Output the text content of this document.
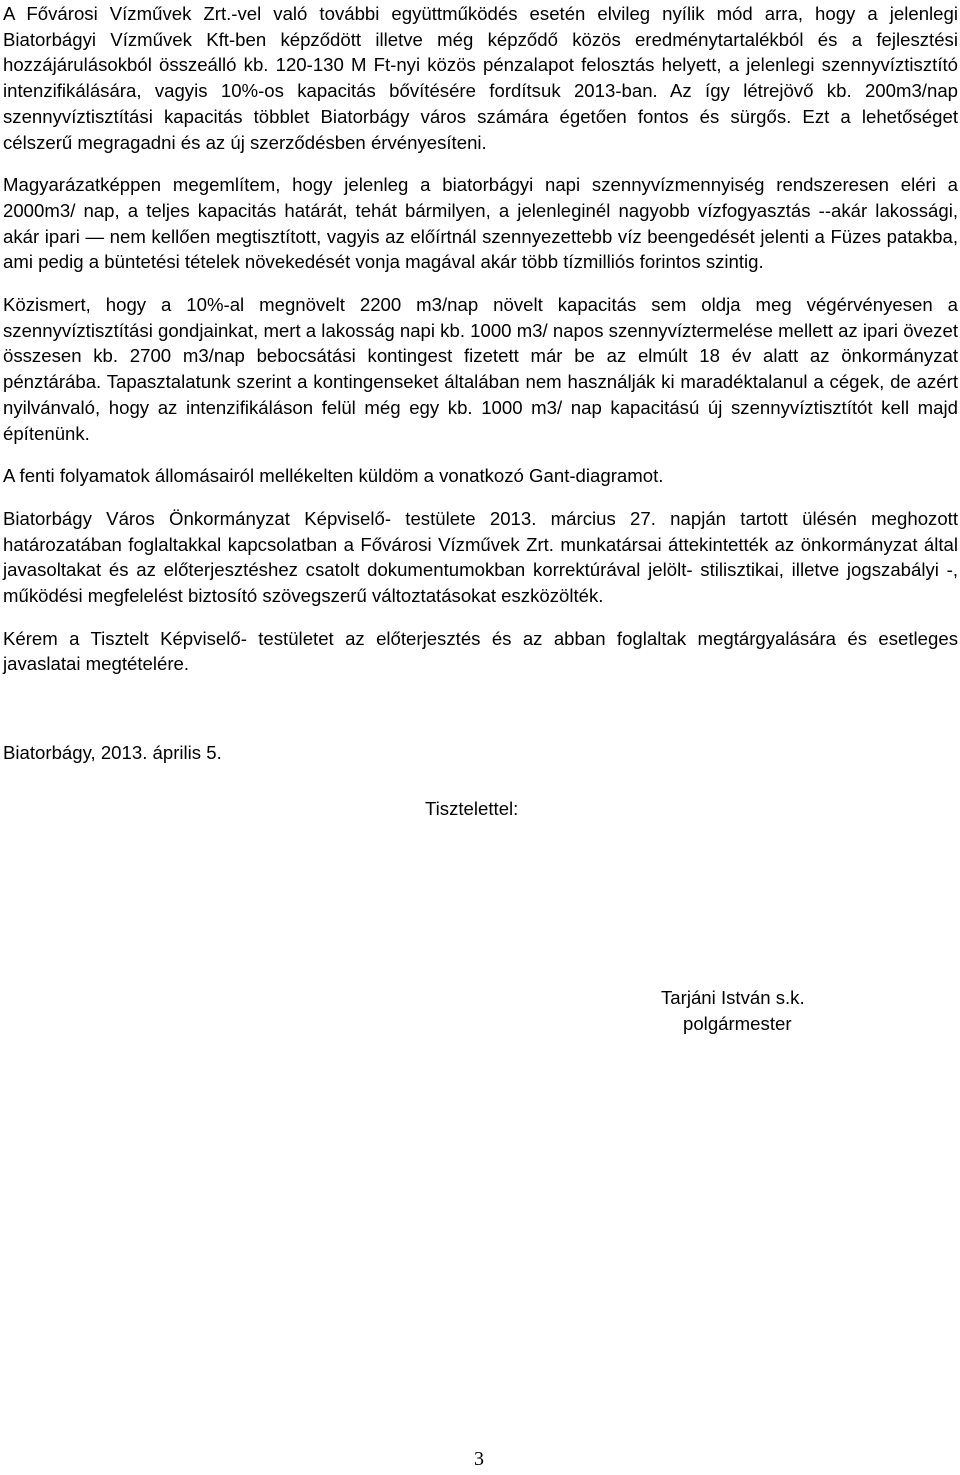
A Fővárosi Vízművek Zrt.-vel való további együttműködés esetén elvileg nyílik mód arra, hogy a jelenlegi Biatorbágyi Vízművek Kft-ben képződött illetve még képződő közös eredménytartalékból és a fejlesztési hozzájárulásokból összeálló kb. 120-130 M Ft-nyi közös pénzalapot felosztás helyett, a jelenlegi szennyvíztisztító intenzifikálására, vagyis 10%-os kapacitás bővítésére fordítsuk 2013-ban. Az így létrejövő kb. 200m3/nap szennyvíztisztítási kapacitás többlet Biatorbágy város számára égetően fontos és sürgős. Ezt a lehetőséget célszerű megragadni és az új szerződésben érvényesíteni.

Magyarázatképpen megemlítem, hogy jelenleg a biatorbágyi napi szennyvízmennyiség rendszeresen eléri a 2000m3/ nap, a teljes kapacitás határát, tehát bármilyen, a jelenleginél nagyobb vízfogyasztás --akár lakossági, akár ipari — nem kellően megtisztított, vagyis az előírtnál szennyezettebb víz beengedését jelenti a Füzes patakba, ami pedig a büntetési tételek növekedését vonja magával akár több tízmilliós forintos szintig.

Közismert, hogy a 10%-al megnövelt 2200 m3/nap növelt kapacitás sem oldja meg végérvényesen a szennyvíztisztítási gondjainkat, mert a lakosság napi kb. 1000 m3/ napos szennyvíztermelése mellett az ipari övezet összesen kb. 2700 m3/nap bebocsátási kontingest fizetett már be az elmúlt 18 év alatt az önkormányzat pénztárába. Tapasztalatunk szerint a kontingenseket általában nem használják ki maradéktalanul a cégek, de azért nyilvánvaló, hogy az intenzifikáláson felül még egy kb. 1000 m3/ nap kapacitású új szennyvíztisztítót kell majd építenünk.

A fenti folyamatok állomásairól mellékelten küldöm a vonatkozó Gant-diagramot.

Biatorbágy Város Önkormányzat Képviselő- testülete 2013. március 27. napján tartott ülésén meghozott határozatában foglaltakkal kapcsolatban a Fővárosi Vízművek Zrt. munkatársai áttekintették az önkormányzat által javasoltakat és az előterjesztéshez csatolt dokumentumokban korrektúrával jelölt- stilisztikai, illetve jogszabályi -, működési megfelelést biztosító szövegszerű változtatásokat eszközölték.

Kérem a Tisztelt Képviselő- testületet az előterjesztés és az abban foglaltak megtárgyalására és esetleges javaslatai megtételére.

Biatorbágy, 2013. április 5.

Tisztelettel:

Tarjáni István s.k.
polgármester
3
